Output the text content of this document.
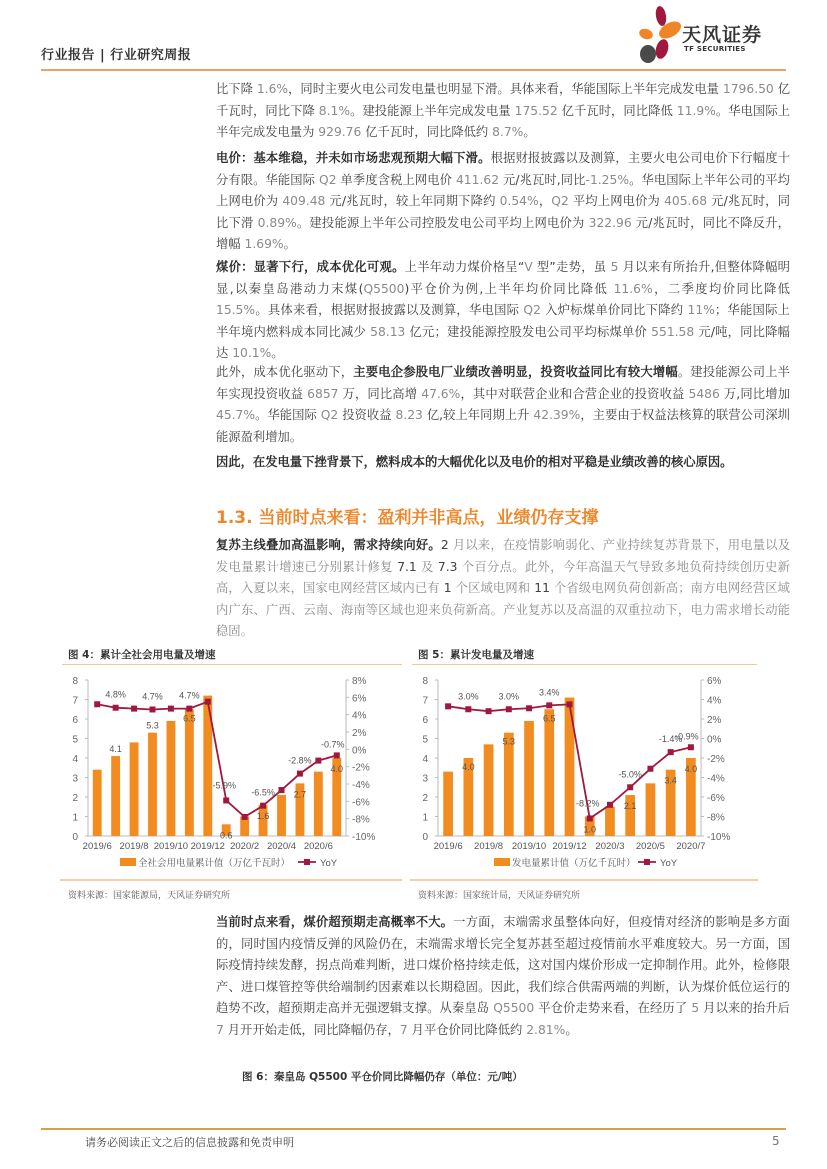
行业报告 | 行业研究周报
天风证券
TF SECURITIES

比下降 1.6%，同时主要火电公司发电量也明显下滑。具体来看，华能国际上半年完成发电量 1796.50 亿千瓦时，同比下降 8.1%。建投能源上半年完成发电量 175.52 亿千瓦时，同比降低 11.9%。华电国际上半年完成发电量为 929.76 亿千瓦时，同比降低约 8.7%。

电价：基本维稳，并未如市场悲观预期大幅下滑。根据财报披露以及测算，主要火电公司电价下行幅度十分有限。华能国际 Q2 单季度含税上网电价 411.62 元/兆瓦时,同比-1.25%。华电国际上半年公司的平均上网电价为 409.48 元/兆瓦时，较上年同期下降约 0.54%，Q2 平均上网电价为 405.68 元/兆瓦时，同比下滑 0.89%。建投能源上半年公司控股发电公司平均上网电价为 322.96 元/兆瓦时，同比不降反升，增幅 1.69%。

煤价：显著下行，成本优化可观。上半年动力煤价格呈“V 型”走势，虽 5 月以来有所抬升,但整体降幅明显,以秦皇岛港动力末煤(Q5500)平仓价为例,上半年均价同比降低 11.6%，二季度均价同比降低 15.5%。具体来看，根据财报披露以及测算，华电国际 Q2 入炉标煤单价同比下降约 11%；华能国际上半年境内燃料成本同比减少 58.13 亿元；建投能源控股发电公司平均标煤单价 551.58 元/吨，同比降幅达 10.1%。

此外，成本优化驱动下，主要电企参股电厂业绩改善明显，投资收益同比有较大增幅。建投能源公司上半年实现投资收益 6857 万，同比高增 47.6%，其中对联营企业和合营企业的投资收益 5486 万,同比增加 45.7%。华能国际 Q2 投资收益 8.23 亿,较上年同期上升 42.39%，主要由于权益法核算的联营公司深圳能源盈利增加。

因此，在发电量下挫背景下，燃料成本的大幅优化以及电价的相对平稳是业绩改善的核心原因。

1.3. 当前时点来看：盈利并非高点，业绩仍存支撑

复苏主线叠加高温影响，需求持续向好。2 月以来，在疫情影响弱化、产业持续复苏背景下，用电量以及发电量累计增速已分别累计修复 7.1 及 7.3 个百分点。此外，今年高温天气导致多地负荷持续创历史新高，入夏以来，国家电网经营区域内已有 1 个区域电网和 11 个省级电网负荷创新高；南方电网经营区域内广东、广西、云南、海南等区域也迎来负荷新高。产业复苏以及高温的双重拉动下，电力需求增长动能稳固。

图 4：累计全社会用电量及增速
0
1
2
3
4
5
6
7
8
-10%
-8%
-6%
-4%
-2%
0%
2%
4%
6%
8%
4.1
5.3
6.5
0.6
1.6
2.7
4.0
4.8% 4.7% 4.7%
-5.9%
-6.5%
-2.8%
-0.7%
2019/6 2019/8 2019/10 2019/12 2020/2 2020/4 2020/6
全社会用电量累计值（万亿千瓦时）	YoY
资料来源：国家能源局，天风证券研究所
图 5：累计发电量及增速
0
1
2
3
4
5
6
7
8
-10%
-8%
-6%
-4%
-2%
0%
2%
4%
6%
4.0
5.3
6.5
1.0
2.1
3.4
4.0
3.0% 3.0% 3.4%
-8.2%
-5.0%
-1.4%
-0.9%
2019/6 2019/8 2019/10 2019/12 2020/3 2020/5 2020/7
发电量累计值（万亿千瓦时）	YoY
资料来源：国家统计局，天风证券研究所

当前时点来看，煤价超预期走高概率不大。一方面，末端需求虽整体向好，但疫情对经济的影响是多方面的，同时国内疫情反弹的风险仍在，末端需求增长完全复苏甚至超过疫情前水平难度较大。另一方面，国际疫情持续发酵，拐点尚难判断，进口煤价格持续走低，这对国内煤价形成一定抑制作用。此外，检修限产、进口煤管控等供给端制约因素难以长期稳固。因此，我们综合供需两端的判断，认为煤价低位运行的趋势不改，超预期走高并无强逻辑支撑。从秦皇岛 Q5500 平仓价走势来看，在经历了 5 月以来的抬升后 7 月开开始走低，同比降幅仍存，7 月平仓价同比降低约 2.81%。

图 6：秦皇岛 Q5500 平仓价同比降幅仍存（单位：元/吨）
请务必阅读正文之后的信息披露和免责申明	5
